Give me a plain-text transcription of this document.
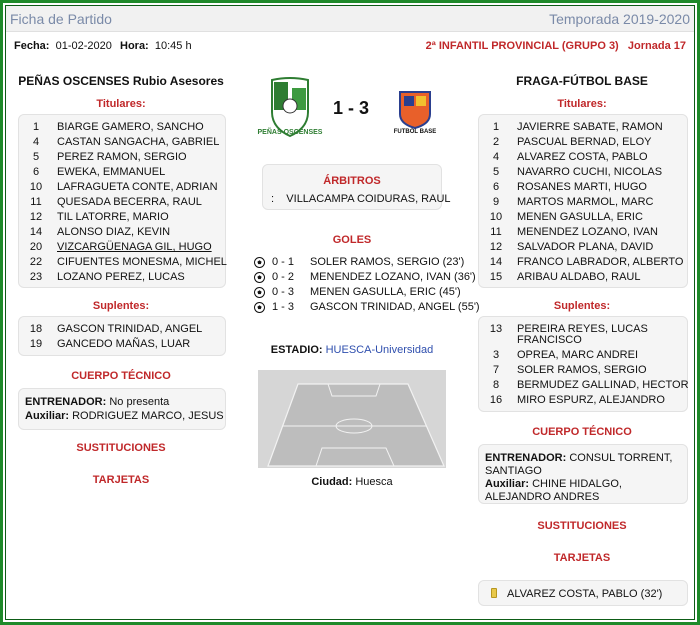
Ficha de Partido	Temporada 2019-2020
Fecha: 01-02-2020 Hora: 10:45 h	2ª INFANTIL PROVINCIAL (GRUPO 3) Jornada 17
PEÑAS OSCENSES Rubio Asesores
Titulares:
1	BIARGE GAMERO, SANCHO
4	CASTAN SANGACHA, GABRIEL
5	PEREZ RAMON, SERGIO
6	EWEKA, EMMANUEL
10	LAFRAGUETA CONTE, ADRIAN
11	QUESADA BECERRA, RAUL
12	TIL LATORRE, MARIO
14	ALONSO DIAZ, KEVIN
20	VIZCARGÜENAGA GIL, HUGO
22	CIFUENTES MONESMA, MICHEL
23	LOZANO PEREZ, LUCAS
Suplentes:
18	GASCON TRINIDAD, ANGEL
19	GANCEDO MAÑAS, LUAR
CUERPO TÉCNICO
ENTRENADOR: No presenta
Auxiliar: RODRIGUEZ MARCO, JESUS
SUSTITUCIONES
TARJETAS
PEÑAS OSCENSES
1 - 3
FUTBOL BASE
ÁRBITROS
: VILLACAMPA COIDURAS, RAUL
GOLES
0 - 1	SOLER RAMOS, SERGIO (23')
0 - 2	MENENDEZ LOZANO, IVAN (36')
0 - 3	MENEN GASULLA, ERIC (45')
1 - 3	GASCON TRINIDAD, ANGEL (55')
ESTADIO: HUESCA-Universidad
Ciudad: Huesca
FRAGA-FÚTBOL BASE
Titulares:
1	JAVIERRE SABATE, RAMON
2	PASCUAL BERNAD, ELOY
4	ALVAREZ COSTA, PABLO
5	NAVARRO CUCHI, NICOLAS
6	ROSANES MARTI, HUGO
9	MARTOS MARMOL, MARC
10	MENEN GASULLA, ERIC
11	MENENDEZ LOZANO, IVAN
12	SALVADOR PLANA, DAVID
14	FRANCO LABRADOR, ALBERTO
15	ARIBAU ALDABO, RAUL
Suplentes:
13	PEREIRA REYES, LUCAS
FRANCISCO
3	OPREA, MARC ANDREI
7	SOLER RAMOS, SERGIO
8	BERMUDEZ GALLINAD, HECTOR
16	MIRO ESPURZ, ALEJANDRO
CUERPO TÉCNICO
ENTRENADOR: CONSUL TORRENT,
SANTIAGO
Auxiliar: CHINE HIDALGO,
ALEJANDRO ANDRES
SUSTITUCIONES
TARJETAS
ALVAREZ COSTA, PABLO (32')
